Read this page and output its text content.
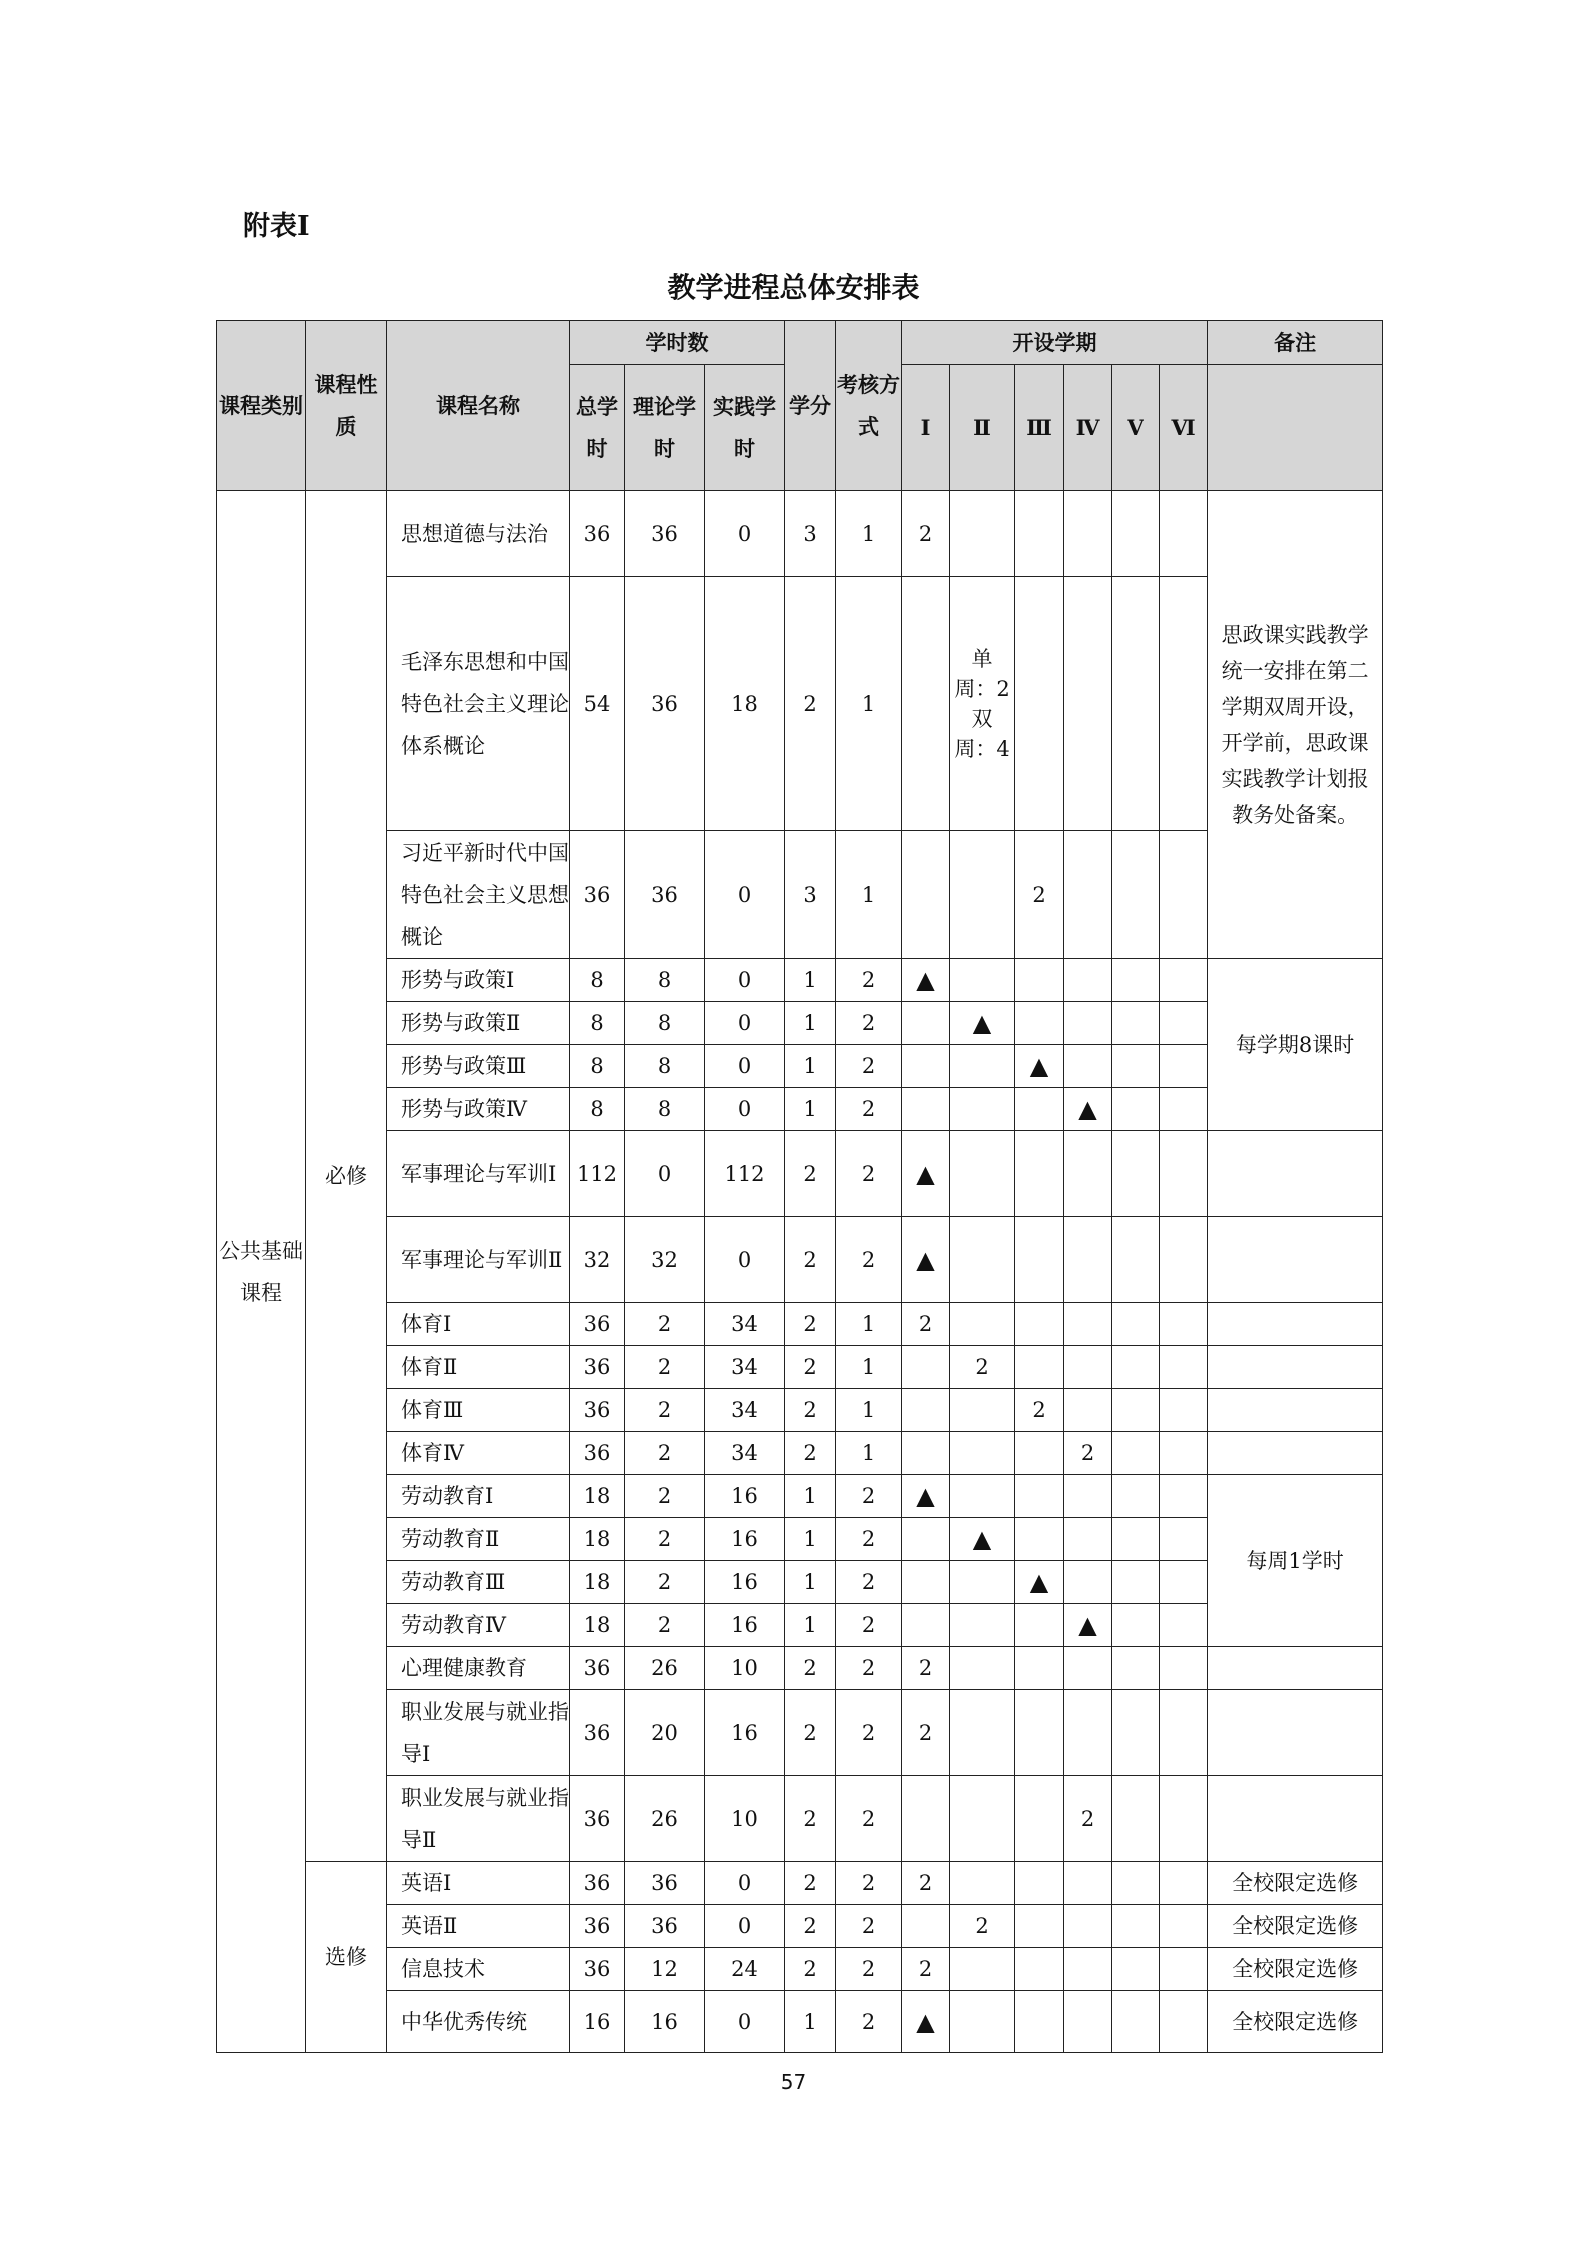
附表Ⅰ
教学进程总体安排表
课程类别	课程性质	课程名称	学时数			学分	考核方式	开设学期						备注	
			总学时	理论学时	实践学时			Ⅰ	Ⅱ	Ⅲ	Ⅳ	Ⅴ	Ⅵ		
公共基础课程	必修	思想道德与法治	36	36	0	3	1	2						思政课实践教学统一安排在第二学期双周开设，开学前，思政课实践教学计划报教务处备案。	
		毛泽东思想和中国特色社会主义理论体系概论	54	36	18	2	1		单周：2双周：4						
		习近平新时代中国特色社会主义思想概论	36	36	0	3	1			2					
		形势与政策Ⅰ	8	8	0	1	2	▲						每学期8课时	
		形势与政策Ⅱ	8	8	0	1	2		▲						
		形势与政策Ⅲ	8	8	0	1	2			▲					
		形势与政策Ⅳ	8	8	0	1	2				▲				
		军事理论与军训Ⅰ	112	0	112	2	2	▲							
		军事理论与军训Ⅱ	32	32	0	2	2	▲							
		体育Ⅰ	36	2	34	2	1	2							
		体育Ⅱ	36	2	34	2	1		2						
		体育Ⅲ	36	2	34	2	1			2					
		体育Ⅳ	36	2	34	2	1				2				
		劳动教育Ⅰ	18	2	16	1	2	▲						每周1学时	
		劳动教育Ⅱ	18	2	16	1	2		▲						
		劳动教育Ⅲ	18	2	16	1	2			▲					
		劳动教育Ⅳ	18	2	16	1	2				▲				
		心理健康教育	36	26	10	2	2	2							
		职业发展与就业指导Ⅰ	36	20	16	2	2	2							
		职业发展与就业指导Ⅱ	36	26	10	2	2				2				
	选修	英语Ⅰ	36	36	0	2	2	2						全校限定选修	
		英语Ⅱ	36	36	0	2	2		2					全校限定选修	
		信息技术	36	12	24	2	2	2						全校限定选修	
		中华优秀传统	16	16	0	1	2	▲						全校限定选修	
57
